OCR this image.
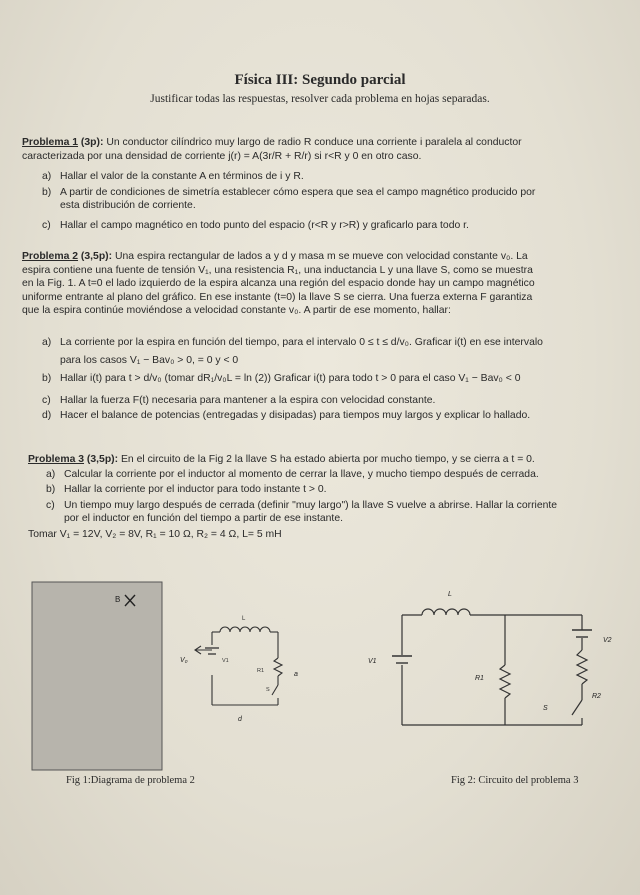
Física III: Segundo parcial
Justificar todas las respuestas, resolver cada problema en hojas separadas.
Problema 1 (3p): Un conductor cilíndrico muy largo de radio R conduce una corriente i paralela al conductor
caracterizada por una densidad de corriente j(r) = A(3r/R + R/r) si r<R y 0 en otro caso.
a) Hallar el valor de la constante A en términos de i y R.
b) A partir de condiciones de simetría establecer cómo espera que sea el campo magnético producido por
esta distribución de corriente.
c) Hallar el campo magnético en todo punto del espacio (r<R y r>R) y graficarlo para todo r.
Problema 2 (3,5p): Una espira rectangular de lados a y d y masa m se mueve con velocidad constante v₀. La
espira contiene una fuente de tensión V₁, una resistencia R₁, una inductancia L y una llave S, como se muestra
en la Fig. 1. A t=0 el lado izquierdo de la espira alcanza una región del espacio donde hay un campo magnético
uniforme entrante al plano del gráfico. En ese instante (t=0) la llave S se cierra. Una fuerza externa F garantiza
que la espira continúe moviéndose a velocidad constante v₀. A partir de ese momento, hallar:
a) La corriente por la espira en función del tiempo, para el intervalo 0 ≤ t ≤ d/v₀. Graficar i(t) en ese intervalo
para los casos V₁ − Bav₀ > 0, = 0 y < 0
b) Hallar i(t) para t > d/v₀ (tomar dR₁/v₀L = ln (2)) Graficar i(t) para todo t > 0 para el caso V₁ − Bav₀ < 0
c) Hallar la fuerza F(t) necesaria para mantener a la espira con velocidad constante.
d) Hacer el balance de potencias (entregadas y disipadas) para tiempos muy largos y explicar lo hallado.
Problema 3 (3,5p): En el circuito de la Fig 2 la llave S ha estado abierta por mucho tiempo, y se cierra a t = 0.
a) Calcular la corriente por el inductor al momento de cerrar la llave, y mucho tiempo después de cerrada.
b) Hallar la corriente por el inductor para todo instante t > 0.
c) Un tiempo muy largo después de cerrada (definir "muy largo") la llave S vuelve a abrirse. Hallar la corriente
por el inductor en función del tiempo a partir de ese instante.
Tomar V₁ = 12V, V₂ = 8V, R₁ = 10 Ω, R₂ = 4 Ω, L= 5 mH
B
L
V₀	V1
R1
S
a
d
Fig 1:Diagrama de problema 2
L
V1
V2
R1
R2
S
Fig 2: Circuito del problema 3
